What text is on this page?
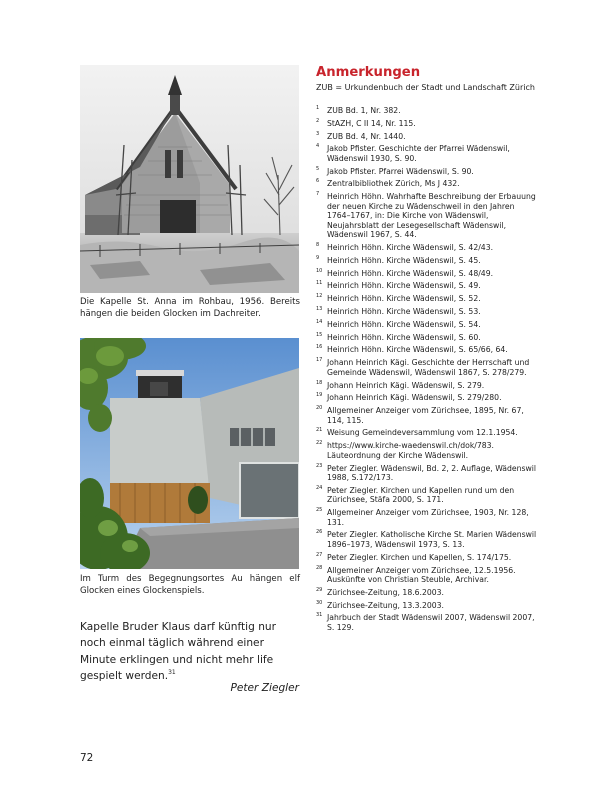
Die Kapelle St. Anna im Rohbau, 1956. Bereits hängen die beiden Glocken im Dachreiter.
Im Turm des Begegnungsortes Au hängen elf Glocken eines Glockenspiels.
Kapelle Bruder Klaus darf künftig nur noch einmal täglich während einer Minute erklingen und nicht mehr life gespielt werden.$^{31}$
Peter Ziegler
72
Anmerkungen
ZUB = Urkundenbuch der Stadt und Landschaft Zürich
1 ZUB Bd. 1, Nr. 382.
2 StAZH, C II 14, Nr. 115.
3 ZUB Bd. 4, Nr. 1440.
4 Jakob Pfister. Geschichte der Pfarrei Wädenswil, Wädenswil 1930, S. 90.
5 Jakob Pfister. Pfarrei Wädenswil, S. 90.
6 Zentralbibliothek Zürich, Ms J 432.
7 Heinrich Höhn. Wahrhafte Beschreibung der Erbauung der neuen Kirche zu Wädenschweil in den Jahren 1764–1767, in: Die Kirche von Wädenswil, Neujahrsblatt der Lesegesellschaft Wädenswil, Wädenswil 1967, S. 44.
8 Heinrich Höhn. Kirche Wädenswil, S. 42/43.
9 Heinrich Höhn. Kirche Wädenswil, S. 45.
10 Heinrich Höhn. Kirche Wädenswil, S. 48/49.
11 Heinrich Höhn. Kirche Wädenswil, S. 49.
12 Heinrich Höhn. Kirche Wädenswil, S. 52.
13 Heinrich Höhn. Kirche Wädenswil, S. 53.
14 Heinrich Höhn. Kirche Wädenswil, S. 54.
15 Heinrich Höhn. Kirche Wädenswil, S. 60.
16 Heinrich Höhn. Kirche Wädenswil, S. 65/66, 64.
17 Johann Heinrich Kägi. Geschichte der Herrschaft und Gemeinde Wädenswil, Wädenswil 1867, S. 278/279.
18 Johann Heinrich Kägi. Wädenswil, S. 279.
19 Johann Heinrich Kägi. Wädenswil, S. 279/280.
20 Allgemeiner Anzeiger vom Zürichsee, 1895, Nr. 67, 114, 115.
21 Weisung Gemeindeversammlung vom 12.1.1954.
22 https://www.kirche-waedenswil.ch/dok/783. Läuteordnung der Kirche Wädenswil.
23 Peter Ziegler. Wädenswil, Bd. 2, 2. Auflage, Wädenswil 1988, S.172/173.
24 Peter Ziegler. Kirchen und Kapellen rund um den Zürichsee, Stäfa 2000, S. 171.
25 Allgemeiner Anzeiger vom Zürichsee, 1903, Nr. 128, 131.
26 Peter Ziegler. Katholische Kirche St. Marien Wädenswil 1896–1973, Wädenswil 1973, S. 13.
27 Peter Ziegler. Kirchen und Kapellen, S. 174/175.
28 Allgemeiner Anzeiger vom Zürichsee, 12.5.1956. Auskünfte von Christian Steuble, Archivar.
29 Zürichsee-Zeitung, 18.6.2003.
30 Zürichsee-Zeitung, 13.3.2003.
31 Jahrbuch der Stadt Wädenswil 2007, Wädenswil 2007, S. 129.
